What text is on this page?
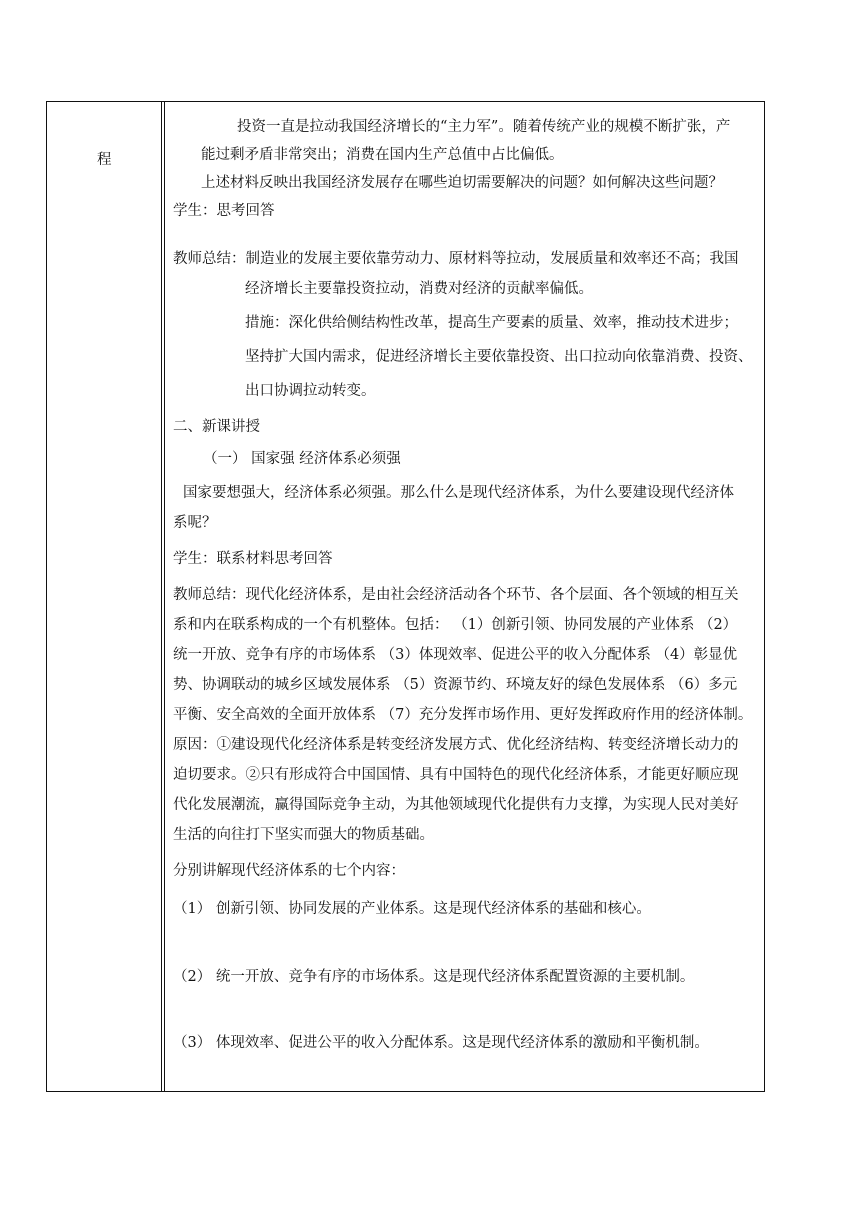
程
投资一直是拉动我国经济增长的“主力军”。随着传统产业的规模不断扩张，产
能过剩矛盾非常突出；消费在国内生产总值中占比偏低。
上述材料反映出我国经济发展存在哪些迫切需要解决的问题？如何解决这些问题？
学生：思考回答
教师总结：制造业的发展主要依靠劳动力、原材料等拉动，发展质量和效率还不高；我国
经济增长主要靠投资拉动，消费对经济的贡献率偏低。
措施：深化供给侧结构性改革，提高生产要素的质量、效率，推动技术进步；
坚持扩大国内需求，促进经济增长主要依靠投资、出口拉动向依靠消费、投资、
出口协调拉动转变。
二、新课讲授
（一） 国家强 经济体系必须强
国家要想强大，经济体系必须强。那么什么是现代经济体系，为什么要建设现代经济体
系呢？
学生：联系材料思考回答
教师总结：现代化经济体系，是由社会经济活动各个环节、各个层面、各个领域的相互关
系和内在联系构成的一个有机整体。包括： （1）创新引领、协同发展的产业体系 （2）
统一开放、竞争有序的市场体系 （3）体现效率、促进公平的收入分配体系 （4）彰显优
势、协调联动的城乡区域发展体系 （5）资源节约、环境友好的绿色发展体系 （6）多元
平衡、安全高效的全面开放体系 （7）充分发挥市场作用、更好发挥政府作用的经济体制。
原因：①建设现代化经济体系是转变经济发展方式、优化经济结构、转变经济增长动力的
迫切要求。②只有形成符合中国国情、具有中国特色的现代化经济体系，才能更好顺应现
代化发展潮流，赢得国际竞争主动，为其他领域现代化提供有力支撑，为实现人民对美好
生活的向往打下坚实而强大的物质基础。
分别讲解现代经济体系的七个内容：
（1） 创新引领、协同发展的产业体系。这是现代经济体系的基础和核心。
（2） 统一开放、竞争有序的市场体系。这是现代经济体系配置资源的主要机制。
（3） 体现效率、促进公平的收入分配体系。这是现代经济体系的激励和平衡机制。
